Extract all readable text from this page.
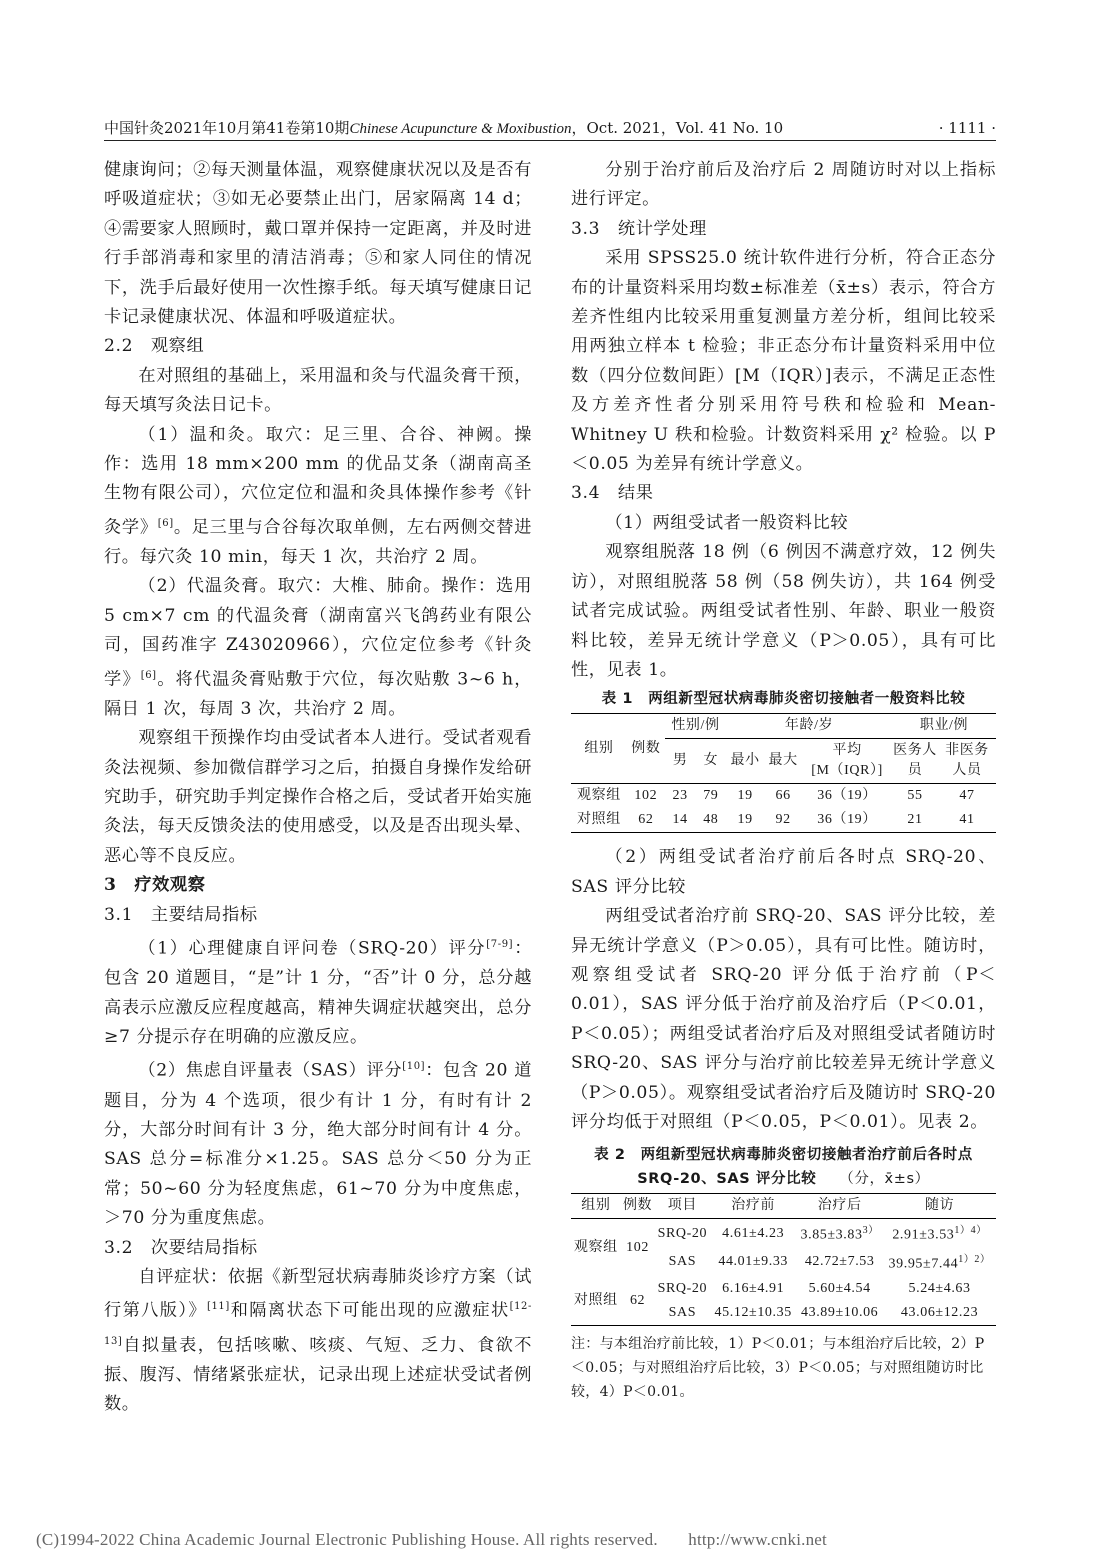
中国针灸2021年10月第41卷第10期Chinese Acupuncture & Moxibustion，Oct. 2021，Vol. 41 No. 10	· 1111 ·

健康询问；②每天测量体温，观察健康状况以及是否有呼吸道症状；③如无必要禁止出门，居家隔离 14 d；④需要家人照顾时，戴口罩并保持一定距离，并及时进行手部消毒和家里的清洁消毒；⑤和家人同住的情况下，洗手后最好使用一次性擦手纸。每天填写健康日记卡记录健康状况、体温和呼吸道症状。

2.2　观察组

在对照组的基础上，采用温和灸与代温灸膏干预，每天填写灸法日记卡。

（1）温和灸。取穴：足三里、合谷、神阙。操作：选用 18 mm×200 mm 的优品艾条（湖南高圣生物有限公司），穴位定位和温和灸具体操作参考《针灸学》[6]。足三里与合谷每次取单侧，左右两侧交替进行。每穴灸 10 min，每天 1 次，共治疗 2 周。

（2）代温灸膏。取穴：大椎、肺俞。操作：选用 5 cm×7 cm 的代温灸膏（湖南富兴飞鸽药业有限公司，国药准字 Z43020966），穴位定位参考《针灸学》[6]。将代温灸膏贴敷于穴位，每次贴敷 3~6 h，隔日 1 次，每周 3 次，共治疗 2 周。

观察组干预操作均由受试者本人进行。受试者观看灸法视频、参加微信群学习之后，拍摄自身操作发给研究助手，研究助手判定操作合格之后，受试者开始实施灸法，每天反馈灸法的使用感受，以及是否出现头晕、恶心等不良反应。

3　疗效观察
3.1　主要结局指标

（1）心理健康自评问卷（SRQ-20）评分[7-9]：包含 20 道题目，“是”计 1 分，“否”计 0 分，总分越高表示应激反应程度越高，精神失调症状越突出，总分≥7 分提示存在明确的应激反应。

（2）焦虑自评量表（SAS）评分[10]：包含 20 道题目，分为 4 个选项，很少有计 1 分，有时有计 2 分，大部分时间有计 3 分，绝大部分时间有计 4 分。SAS 总分=标准分×1.25。SAS 总分＜50 分为正常；50~60 分为轻度焦虑，61~70 分为中度焦虑，＞70 分为重度焦虑。

3.2　次要结局指标

自评症状：依据《新型冠状病毒肺炎诊疗方案（试行第八版）》[11]和隔离状态下可能出现的应激症状[12-13]自拟量表，包括咳嗽、咳痰、气短、乏力、食欲不振、腹泻、情绪紧张症状，记录出现上述症状受试者例数。

分别于治疗前后及治疗后 2 周随访时对以上指标进行评定。

3.3　统计学处理

采用 SPSS25.0 统计软件进行分析，符合正态分布的计量资料采用均数±标准差（x̄±s）表示，符合方差齐性组内比较采用重复测量方差分析，组间比较采用两独立样本 t 检验；非正态分布计量资料采用中位数（四分位数间距）[M（IQR）]表示，不满足正态性及方差齐性者分别采用符号秩和检验和 Mean-Whitney U 秩和检验。计数资料采用 χ² 检验。以 P＜0.05 为差异有统计学意义。

3.4　结果

（1）两组受试者一般资料比较

观察组脱落 18 例（6 例因不满意疗效，12 例失访），对照组脱落 58 例（58 例失访），共 164 例受试者完成试验。两组受试者性别、年龄、职业一般资料比较，差异无统计学意义（P＞0.05），具有可比性，见表 1。

表 1　两组新型冠状病毒肺炎密切接触者一般资料比较
组别	例数	性别/例		年龄/岁			职业/例	
		男	女	最小	最大	平均
[M（IQR）]	医务人员	非医务人员
观察组	102	23	79	19	66	36（19）	55	47
对照组	62	14	48	19	92	36（19）	21	41

（2）两组受试者治疗前后各时点 SRQ-20、SAS 评分比较

两组受试者治疗前 SRQ-20、SAS 评分比较，差异无统计学意义（P＞0.05），具有可比性。随访时，观察组受试者 SRQ-20 评分低于治疗前（P＜0.01），SAS 评分低于治疗前及治疗后（P＜0.01，P＜0.05）；两组受试者治疗后及对照组受试者随访时 SRQ-20、SAS 评分与治疗前比较差异无统计学意义（P＞0.05）。观察组受试者治疗后及随访时 SRQ-20 评分均低于对照组（P＜0.05，P＜0.01）。见表 2。

表 2　两组新型冠状病毒肺炎密切接触者治疗前后各时点
SRQ-20、SAS 评分比较　　 （分，x̄±s）
组别	例数	项目	治疗前	治疗后	随访
观察组	102	SRQ-20	4.61±4.23	$3.85\pm 3.83^{3)}$	$2.91\pm 3.53^{1)4)}$
		SAS	44.01±9.33	42.72±7.53	$39.95\pm 7.44^{1)2)}$
对照组	62	SRQ-20	6.16±4.91	5.60±4.54	5.24±4.63
		SAS	45.12±10.35	43.89±10.06	43.06±12.23
注：与本组治疗前比较，1）P＜0.01；与本组治疗后比较，2）P＜0.05；与对照组治疗后比较，3）P＜0.05；与对照组随访时比较，4）P＜0.01。
(C)1994-2022 China Academic Journal Electronic Publishing House. All rights reserved. http://www.cnki.net
